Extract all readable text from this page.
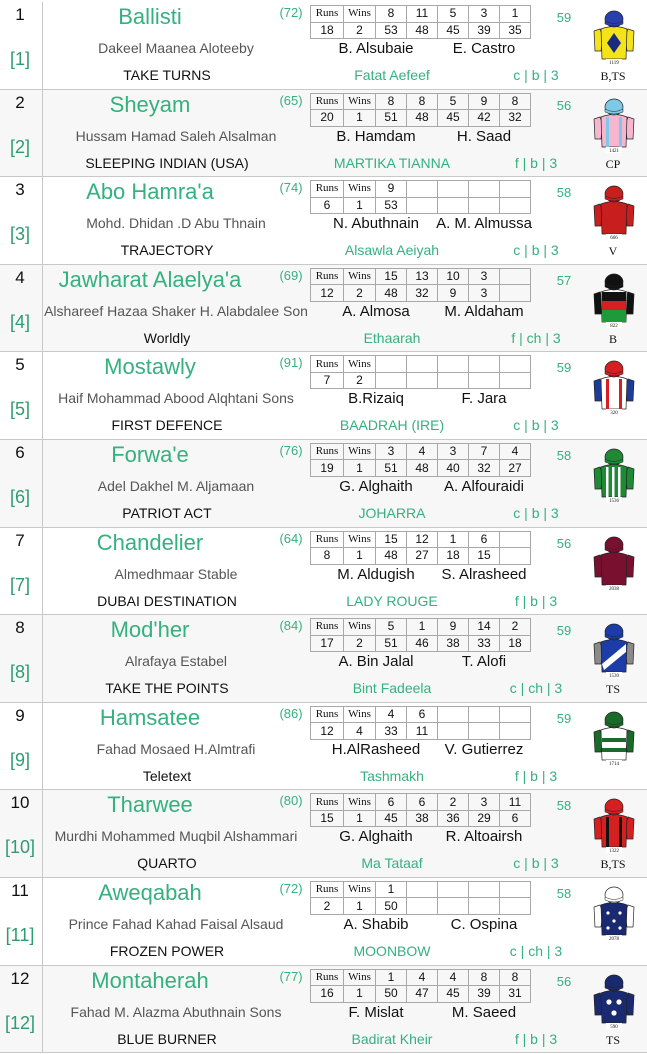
1
[1]
Ballisti	(72)	Runs	Wins	8	11	5	3	1
18	2	53	48	45	39	35
59
Dakeel Maanea Aloteeby	B. Alsubaie	E. Castro
TAKE TURNS	Fatat Aefeef	c | b | 3
1119
B,TS
2
[2]
Sheyam	(65)	Runs	Wins	8	8	5	9	8
20	1	51	48	45	42	32
56
Hussam Hamad Saleh Alsalman	B. Hamdam	H. Saad
SLEEPING INDIAN (USA)	MARTIKA TIANNA	f | b | 3
1421
CP
3
[3]
Abo Hamra'a	(74)	Runs	Wins	9				
6	1	53				
58
Mohd. Dhidan .D Abu Thnain	N. Abuthnain	A. M. Almussa
TRAJECTORY	Alsawla Aeiyah	c | b | 3
666
V
4
[4]
Jawharat Alaelya'a	(69)	Runs	Wins	15	13	10	3	
12	2	48	32	9	3	
57
Alshareef Hazaa Shaker H. Alabdalee Son	A. Almosa	M. Aldaham
Worldly	Ethaarah	f | ch | 3
822
B
5
[5]
Mostawly	(91)	Runs	Wins					
7	2					
59
Haif Mohammad Abood Alqhtani Sons	B.Rizaiq	F. Jara
FIRST DEFENCE	BAADRAH (IRE)	c | b | 3
320
6
[6]
Forwa'e	(76)	Runs	Wins	3	4	3	7	4
19	1	51	48	40	32	27
58
Adel Dakhel M. Aljamaan	G. Alghaith	A. Alfouraidi
PATRIOT ACT	JOHARRA	c | b | 3
1536
7
[7]
Chandelier	(64)	Runs	Wins	15	12	1	6	
8	1	48	27	18	15	
56
Almedhmaar Stable	M. Aldugish	S. Alrasheed
DUBAI DESTINATION	LADY ROUGE	f | b | 3
2038
8
[8]
Mod'her	(84)	Runs	Wins	5	1	9	14	2
17	2	51	46	38	33	18
59
Alrafaya Estabel	A. Bin Jalal	T. Alofi
TAKE THE POINTS	Bint Fadeela	c | ch | 3
1530
TS
9
[9]
Hamsatee	(86)	Runs	Wins	4	6			
12	4	33	11			
59
Fahad Mosaed H.Almtrafi	H.AlRasheed	V. Gutierrez
Teletext	Tashmakh	f | b | 3
1714
10
[10]
Tharwee	(80)	Runs	Wins	6	6	2	3	11
15	1	45	38	36	29	6
58
Murdhi Mohammed Muqbil Alshammari	G. Alghaith	R. Altoairsh
QUARTO	Ma Tataaf	c | b | 3
1322
B,TS
11
[11]
Aweqabah	(72)	Runs	Wins	1				
2	1	50				
58
Prince Fahad Kahad Faisal Alsaud	A. Shabib	C. Ospina
FROZEN POWER	MOONBOW	c | ch | 3
2078
12
[12]
Montaherah	(77)	Runs	Wins	1	4	4	8	8
16	1	50	47	45	39	31
56
Fahad M. Alazma Abuthnain Sons	F. Mislat	M. Saeed
BLUE BURNER	Badirat Kheir	f | b | 3
590
TS
